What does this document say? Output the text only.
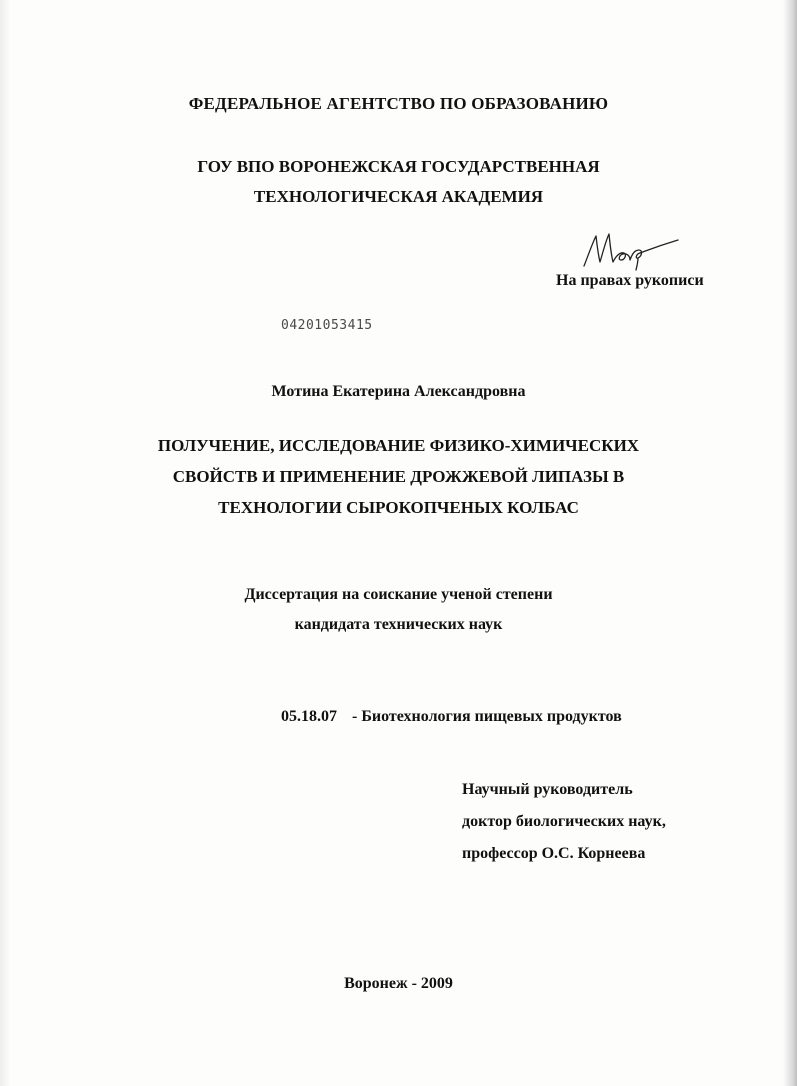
ФЕДЕРАЛЬНОЕ АГЕНТСТВО ПО ОБРАЗОВАНИЮ
ГОУ ВПО ВОРОНЕЖСКАЯ ГОСУДАРСТВЕННАЯ
ТЕХНОЛОГИЧЕСКАЯ АКАДЕМИЯ
На правах рукописи
04201053415
Мотина Екатерина Александровна
ПОЛУЧЕНИЕ, ИССЛЕДОВАНИЕ ФИЗИКО-ХИМИЧЕСКИХ
СВОЙСТВ И ПРИМЕНЕНИЕ ДРОЖЖЕВОЙ ЛИПАЗЫ В
ТЕХНОЛОГИИ СЫРОКОПЧЕНЫХ КОЛБАС
Диссертация на соискание ученой степени
кандидата технических наук
05.18.07 - Биотехнология пищевых продуктов
Научный руководитель
доктор биологических наук,
профессор О.С. Корнеева
Воронеж - 2009
